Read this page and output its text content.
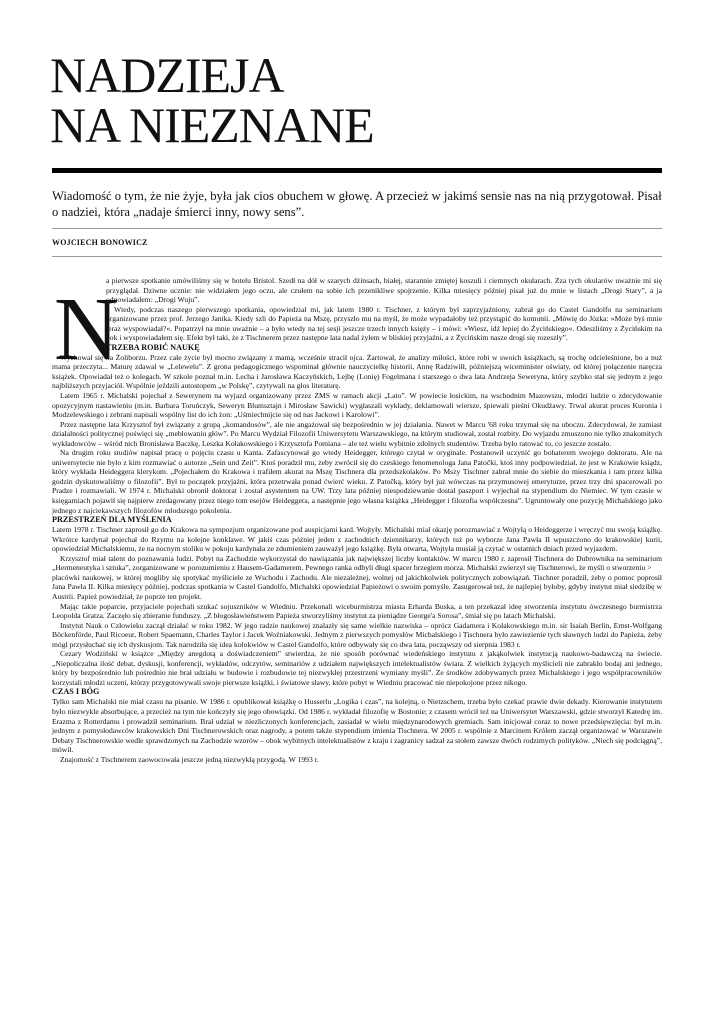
NADZIEJA
NA NIEZNANE

Wiadomość o tym, że nie żyje, była jak cios obuchem w głowę. A przecież w jakimś sensie nas na nią przygotował. Pisał o nadziei, która „nadaje śmierci inny, nowy sens”.

WOJCIECH BONOWICZ
N

a pierwsze spotkanie umówiliśmy się w hotelu Bristol. Szedł na dół w szarych dżinsach, białej, starannie zmiętej koszuli i ciemnych okularach. Zza tych okularów uważnie mi się przyglądał. Dziwne ucznie: nie widziałem jego oczu, ale czułem na sobie ich przenikliwe spojrzenie. Kilka miesięcy później pisał już do mnie w listach „Drogi Stary”, a ja odpowiadałem: „Drogi Wuju”.

Wtedy, podczas naszego pierwszego spotkania, opowiedział mi, jak latem 1980 r. Tischner, z którym był zaprzyjaźniony, zabrał go do Castel Gandolfo na seminarium organizowane przez prof. Jerzego Janika. Kiedy szli do Papieża na Mszę, przyszło mu na myśl, że może wypadałoby też przystąpić do komunii. „Mówię do Józka: »Może byś mnie teraz wyspowiadał?«. Popatrzył na mnie uważnie – a było wtedy na tej sesji jeszcze trzech innych księży – i mówi: »Wiesz, idź lepiej do Życińskiego«. Odeszliśmy z Życińskim na bok i wyspowiadałem się. Efekt był taki, że z Tischnerem przez następne lata nadal żyłem w bliskiej przyjaźni, a z Życińskim nasze drogi się rozeszły”.

TRZEBA ROBIĆ NAUKĘ

Wychował się na Żoliborzu. Przez całe życie był mocno związany z mamą, wcześnie stracił ojca. Żartował, że analizy miłości, które robi w swoich książkach, są trochę odcieleśnione, bo a nuż mama przeczyta... Maturę zdawał w „Lelewelu”. Z grona pedagogicznego wspominał głównie nauczycielkę historii, Annę Radziwiłł, późniejszą wiceminister oświaty, od której połączenie naręcza książek. Opowiadał też o kolegach. W szkole poznał m.in. Lecha i Jarosława Kaczyńskich, Lejbę (Lonię) Fogelmana i starszego o dwa lata Andrzeja Seweryna, który szybko stał się jednym z jego najbliższych przyjaciół. Wspólnie jeździli autostopem „w Polskę”, czytywali na głos literaturę.

Latem 1965 r. Michalski pojechał z Sewerynem na wyjazd organizowany przez ZMS w ramach akcji „Lato”. W powiecie łosickim, na wschodnim Mazowszu, młodzi ludzie o zdecydowanie opozycyjnym nastawieniu (m.in. Barbara Toruńczyk, Seweryn Blumsztajn i Mirosław Sawicki) wygłaszali wykłady, deklamowali wiersze, śpiewali pieśni Okudżawy. Trwał akurat proces Kuronia i Modzelewskiego i zebrani napisali wspólny list do ich żon: „Uśmiechnijcie się od nas Jackowi i Karolowi”.

Przez następne lata Krzysztof był związany z grupą „komandosów”, ale nie angażował się bezpośrednio w jej działania. Nawet w Marcu '68 roku trzymał się na uboczu. Zdecydował, że zamiast działalności politycznej poświęci się „meblowaniu głów”. Po Marcu Wydział Filozofii Uniwersytetu Warszawskiego, na którym studiował, został rozbity. Do wyjazdu zmuszono nie tylko znakomitych wykładowców – wśród nich Bronisława Baczkę, Leszka Kołakowskiego i Krzysztofa Pomiana – ale też wielu wybitnie zdolnych studentów. Trzeba było ratować to, co jeszcze zostało.

Na drugim roku studiów napisał pracę o pojęciu czasu u Kanta. Zafascynował go wtedy Heidegger, którego czytał w oryginale. Postanowił uczynić go bohaterem swojego doktoratu. Ale na uniwersytecie nie było z kim rozmawiać o autorze „Sein und Zeit”. Ktoś poradził mu, żeby zwrócił się do czeskiego fenomenologa Jana Patočki, ktoś inny podpowiedział, że jest w Krakowie ksiądz, który wykłada Heideggera klerykom. „Pojechałem do Krakowa i trafiłem akurat na Mszę Tischnera dla przedszkolaków. Po Mszy Tischner zabrał mnie do siebie do mieszkania i tam przez kilka godzin dyskutowaliśmy o filozofii”. Był to początek przyjaźni, która przetrwała ponad ćwierć wieku. Z Patočką, który był już wówczas na przymusowej emeryturze, przez trzy dni spacerowali po Pradze i rozmawiali. W 1974 r. Michalski obronił doktorat i został asystentem na UW. Trzy lata później niespodziewanie dostał paszport i wyjechał na stypendium do Niemiec. W tym czasie w księgarniach pojawił się najpierw zredagowany przez niego tom esejów Heideggera, a następnie jego własna książka „Heidegger i filozofia współczesna”. Ugruntowały one pozycję Michalskiego jako jednego z najciekawszych filozofów młodszego pokolenia.

PRZESTRZEŃ DLA MYŚLENIA

Latem 1978 r. Tischner zaprosił go do Krakowa na sympozjum organizowane pod auspicjami kard. Wojtyły. Michalski miał okazję porozmawiać z Wojtyłą o Heideggerze i wręczyć mu swoją książkę. Wkrótce kardynał pojechał do Rzymu na kolejne konklawe. W jakiś czas później jeden z zachodnich dziennikarzy, których tuż po wyborze Jana Pawła II wpuszczono do krakowskiej kurii, opowiedział Michalskiemu, że na nocnym stoliku w pokoju kardynała ze zdumieniem zauważył jego książkę. Była otwarta, Wojtyła musiał ją czytać w ostatnich dniach przed wyjazdem.

Krzysztof miał talent do poznawania ludzi. Pobyt na Zachodzie wykorzystał do nawiązania jak największej liczby kontaktów. W marcu 1980 r. zaprosił Tischnera do Dubrownika na seminarium „Hermeneutyka i sztuka”, zorganizowane w porozumieniu z Hausem-Gadamerem. Pewnego ranka odbyli długi spacer brzegiem morza. Michalski zwierzył się Tischnerowi, że myśli o stworzeniu >

placówki naukowej, w której mogliby się spotykać myśliciele ze Wschodu i Zachodu. Ale niezależnej, wolnej od jakichkolwiek politycznych zobowiązań. Tischner poradził, żeby o pomoc poprosił Jana Pawła II. Kilka miesięcy później, podczas spotkania w Castel Gandolfo, Michalski opowiedział Papieżowi o swoim pomyśle. Zasugerował też, że najlepiej byłoby, gdyby instytut miał siedzibę w Austrii. Papież powiedział, że poprze ten projekt.

Mając takie poparcie, przyjaciele pojechali szukać sojuszników w Wiedniu. Przekonali wiceburmistrza miasta Erharda Buska, a ten przekazał ideę stworzenia instytutu ówczesnego burmistrza Leopolda Gratza. Zaczęło się zbieranie funduszy. „Z błogosławieństwem Papieża stworzyliśmy instytut za pieniądze George'a Sorosa”, śmiał się po latach Michalski.

Instytut Nauk o Człowieku zaczął działać w roku 1982. W jego radzie naukowej znalazły się same wielkie nazwiska – oprócz Gadamera i Kołakowskiego m.in. sir Isaiah Berlin, Ernst-Wolfgang Böckenförde, Paul Ricoeur, Robert Spaemann, Charles Taylor i Jacek Woźniakowski. Jednym z pierwszych pomysłów Michalskiego i Tischnera było zawiezienie tych sławnych ludzi do Papieża, żeby mógł przysłuchać się ich dyskusjom. Tak narodziła się idea kolokwiów w Castel Gandolfo, które odbywały się co dwa lata, począwszy od sierpnia 1983 r.

Cezary Wodziński w książce „Między anegdotą a doświadczeniem” stwierdza, że nie sposób porównać wiedeńskiego instytutu z jakąkolwiek instytucją naukowo-badawczą na świecie. „Niepoliczalna ilość debat, dyskusji, konferencji, wykładów, odczytów, seminariów z udziałem największych intelektualistów świata. Z wielkich żyjących myślicieli nie zabrakło bodaj ani jednego, który by bezpośrednio lub pośrednio nie brał udziału w budowie i rozbudowie tej niezwykłej przestrzeni wymiany myśli”. Ze środków zdobywanych przez Michalskiego i jego współpracowników korzystali młodzi uczeni, którzy przygotowywali swoje pierwsze książki, i światowe sławy, które pobyt w Wiedniu pracować nie niepokojone przez nikogo.

CZAS I BÓG

Tylko sam Michalski nie miał czasu na pisanie. W 1986 r. opublikował książkę o Husserlu „Logika i czas”, na kolejną, o Nietzschem, trzeba było czekać prawie dwie dekady. Kierowanie instytutem było niezwykle absorbujące, a przecież na tym nie kończyły się jego obowiązki. Od 1986 r. wykładał filozofię w Bostonie; z czasem wrócił też na Uniwersytet Warszawski, gdzie stworzył Katedrę im. Erazma z Rotterdamu i prowadził seminarium. Brał udział w niezliczonych konferencjach, zasiadał w wielu międzynarodowych gremiach. Sam inicjował coraz to nowe przedsięwzięcia: był m.in. jednym z pomysłodawców krakowskich Dni Tischnerowskich oraz nagrody, a potem także stypendium imienia Tischnera. W 2005 r. wspólnie z Marcinem Królem zaczął organizować w Warszawie Debaty Tischnerowskie wedle sprawdzonych na Zachodzie wzorów – obok wybitnych intelektualistów z kraju i zagranicy sadzał za stołem zawsze dwóch rodzimych polityków. „Niech się podciągną”, mówił.

Znajomość z Tischnerem zaowocowała jeszcze jedną niezwykłą przygodą. W 1993 r.
